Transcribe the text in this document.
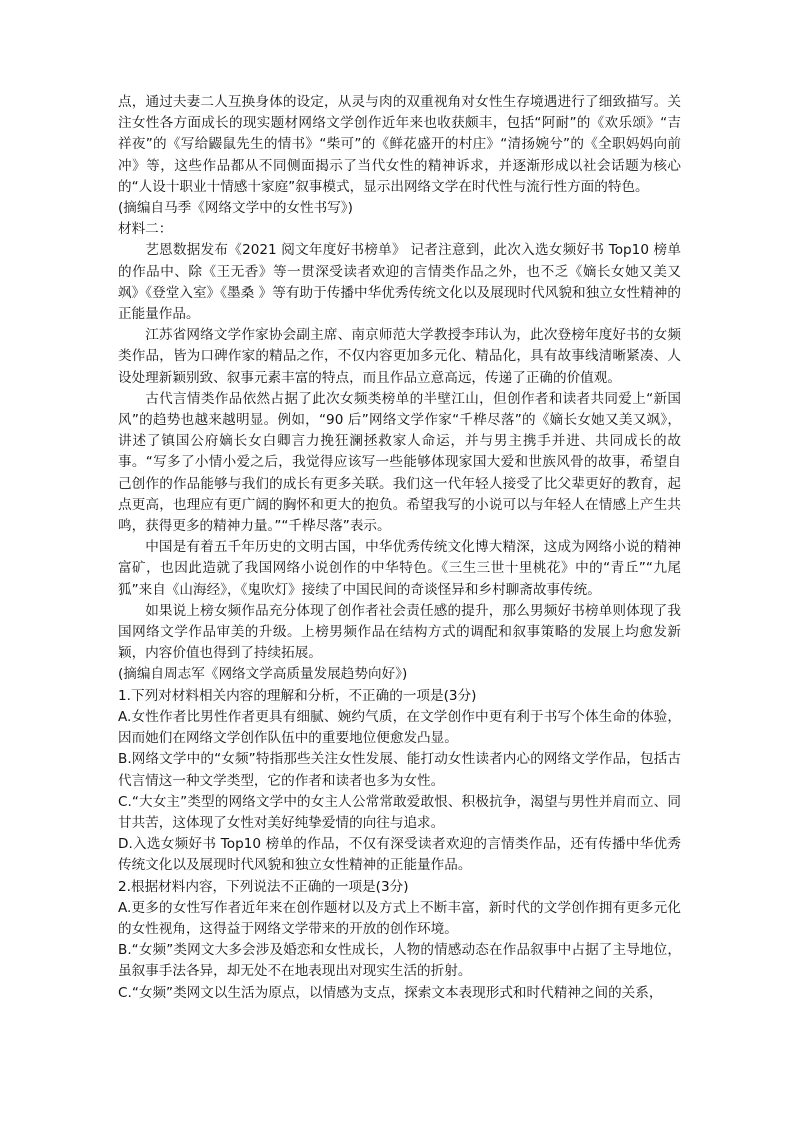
点，通过夫妻二人互换身体的设定，从灵与肉的双重视角对女性生存境遇进行了细致描写。关注女性各方面成长的现实题材网络文学创作近年来也收获颇丰，包括“阿耐”的《欢乐颂》“吉祥夜”的《写给鼹鼠先生的情书》“柴可”的《鲜花盛开的村庄》“清扬婉兮”的《全职妈妈向前冲》等，这些作品都从不同侧面揭示了当代女性的精神诉求，并逐渐形成以社会话题为核心的“人设十职业十情感十家庭”叙事模式，显示出网络文学在时代性与流行性方面的特色。

(摘编自马季《网络文学中的女性书写》)

材料二：

艺恩数据发布《2021 阅文年度好书榜单》 记者注意到，此次入选女频好书 Top10 榜单的作品中、除《王无香》等一贯深受读者欢迎的言情类作品之外，也不乏《嫡长女她又美又飒》《登堂入室》《墨桑 》等有助于传播中华优秀传统文化以及展现时代风貌和独立女性精神的正能量作品。

江苏省网络文学作家协会副主席、南京师范大学教授李玮认为，此次登榜年度好书的女频类作品，皆为口碑作家的精品之作，不仅内容更加多元化、精品化，具有故事线清晰紧凑、人设处理新颖别致、叙事元素丰富的特点，而且作品立意高远，传递了正确的价值观。

古代言情类作品依然占据了此次女频类榜单的半壁江山，但创作者和读者共同爱上“新国风”的趋势也越来越明显。例如，“90 后”网络文学作家“千桦尽落”的《嫡长女她又美又飒》，讲述了镇国公府嫡长女白卿言力挽狂澜拯救家人命运，并与男主携手并进、共同成长的故事。“写多了小情小爱之后，我觉得应该写一些能够体现家国大爱和世族风骨的故事，希望自己创作的作品能够与我们的成长有更多关联。我们这一代年轻人接受了比父辈更好的教育，起点更高，也理应有更广阔的胸怀和更大的抱负。希望我写的小说可以与年轻人在情感上产生共鸣，获得更多的精神力量。”“千桦尽落”表示。

中国是有着五千年历史的文明古国，中华优秀传统文化博大精深，这成为网络小说的精神富矿，也因此造就了我国网络小说创作的中华特色。《三生三世十里桃花》中的“青丘”“九尾狐”来自《山海经》，《鬼吹灯》接续了中国民间的奇谈怪异和乡村聊斋故事传统。

如果说上榜女频作品充分体现了创作者社会责任感的提升，那么男频好书榜单则体现了我国网络文学作品审美的升级。上榜男频作品在结构方式的调配和叙事策略的发展上均愈发新颖，内容价值也得到了持续拓展。

(摘编自周志军《网络文学高质量发展趋势向好》)

1.下列对材料相关内容的理解和分析，不正确的一项是(3分)

A.女性作者比男性作者更具有细腻、婉约气质，在文学创作中更有利于书写个体生命的体验，因而她们在网络文学创作队伍中的重要地位便愈发凸显。

B.网络文学中的“女频”特指那些关注女性发展、能打动女性读者内心的网络文学作品，包括古代言情这一种文学类型，它的作者和读者也多为女性。

C.“大女主”类型的网络文学中的女主人公常常敢爱敢恨、积极抗争，渴望与男性并肩而立、同甘共苦，这体现了女性对美好纯挚爱情的向往与追求。

D.入选女频好书 Top10 榜单的作品，不仅有深受读者欢迎的言情类作品，还有传播中华优秀传统文化以及展现时代风貌和独立女性精神的正能量作品。

2.根据材料内容，下列说法不正确的一项是(3分)

A.更多的女性写作者近年来在创作题材以及方式上不断丰富，新时代的文学创作拥有更多元化的女性视角，这得益于网络文学带来的开放的创作环境。

B.“女频”类网文大多会涉及婚恋和女性成长，人物的情感动态在作品叙事中占据了主导地位，虽叙事手法各异，却无处不在地表现出对现实生活的折射。

C.“女频”类网文以生活为原点，以情感为支点，探索文本表现形式和时代精神之间的关系，
